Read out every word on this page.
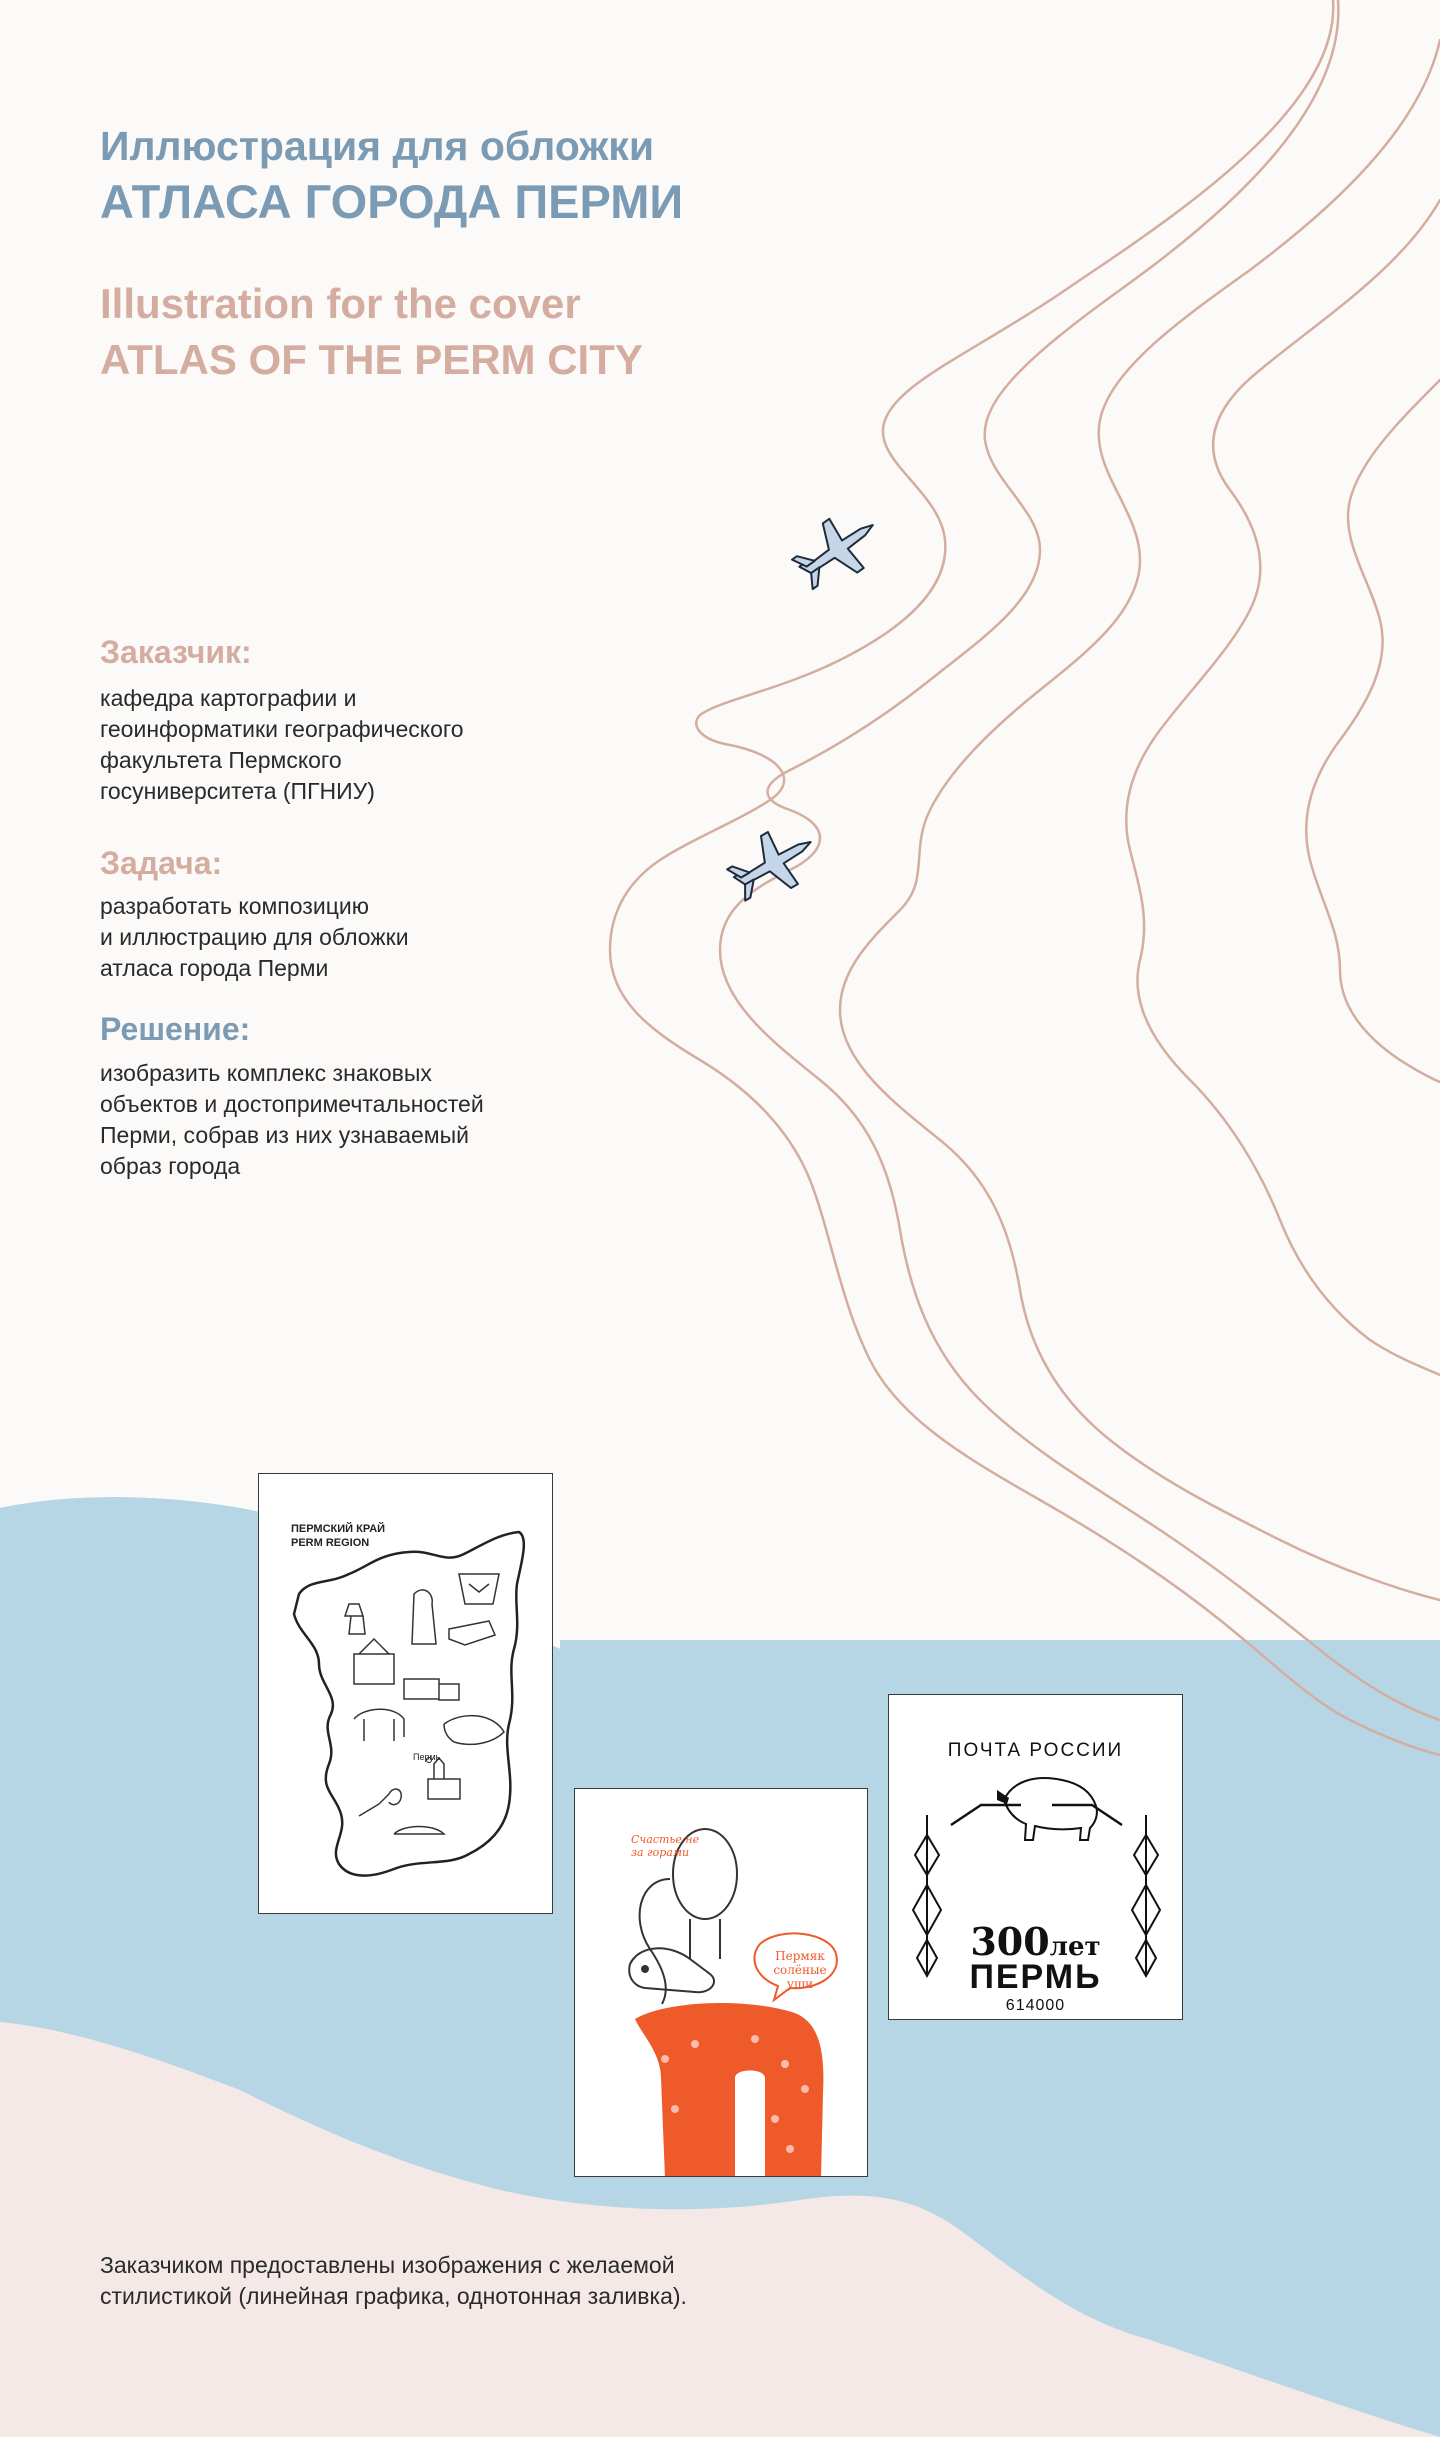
Иллюстрация для обложки
АТЛАСА ГОРОДА ПЕРМИ
Illustration for the cover
ATLAS OF THE PERM CITY
Заказчик:

кафедра картографии и
геоинформатики географического
факультета Пермского
госуниверситета (ПГНИУ)

Задача:

разработать композицию
и иллюстрацию для обложки
атласа города Перми

Решение:

изобразить комплекс знаковых
объектов и достопримечтальностей
Перми, собрав из них узнаваемый
образ города

ПЕРМСКИЙ КРАЙ
PERM REGION

Пермь

Счастье не
за горами

Пермяк
солёные
уши

ПОЧТА РОССИИ
300лет
ПЕРМЬ
614000

Заказчиком предоставлены изображения с желаемой
стилистикой (линейная графика, однотонная заливка).
